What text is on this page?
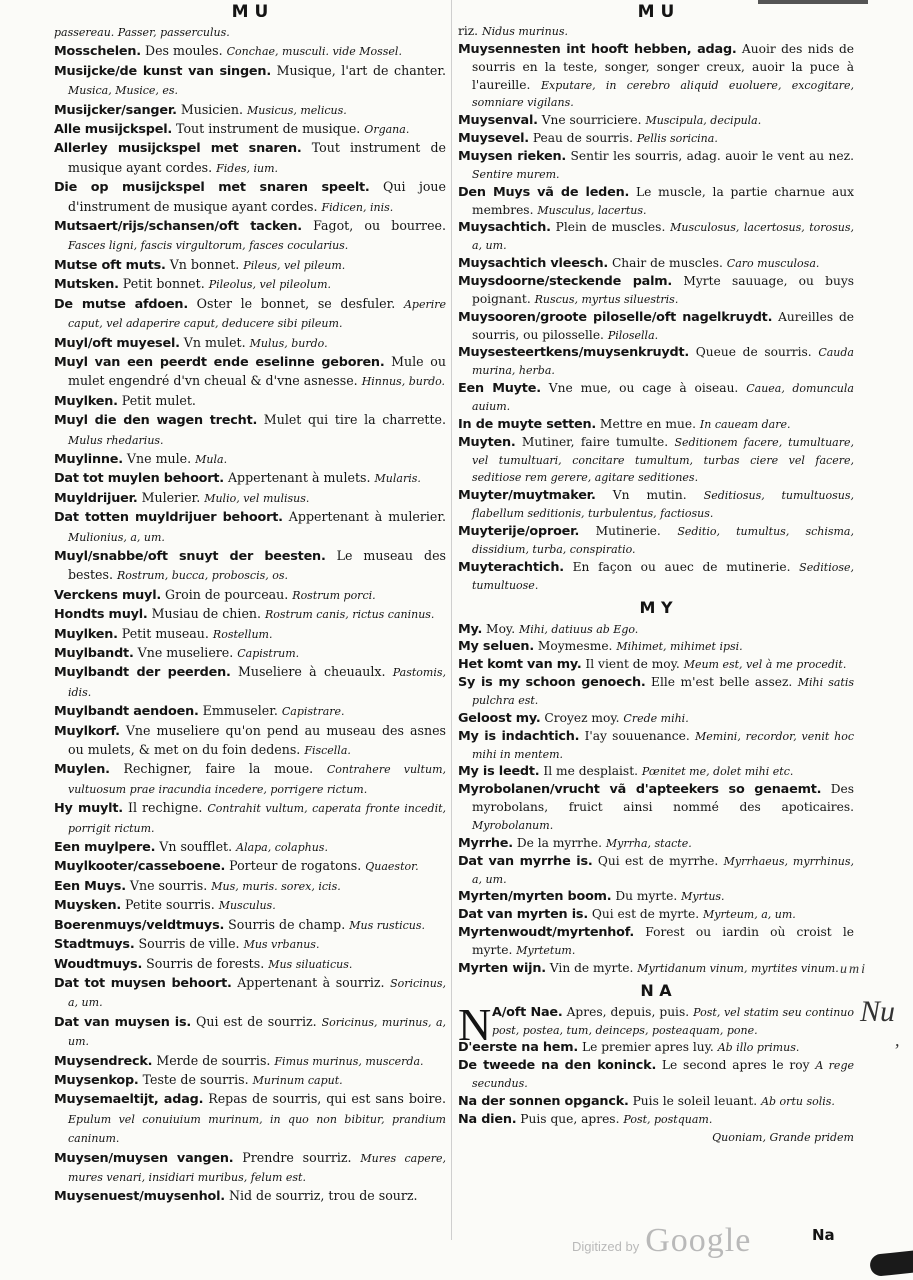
M U
passereau. Passer, passerculus.
Mosschelen. Des moules. Conchae, musculi. vide Mossel.
Musijcke/de kunst van singen. Musique, l'art de chanter. Musica, Musice, es.
Musijcker/sanger. Musicien. Musicus, melicus.
Alle musijckspel. Tout instrument de musique. Organa.
Allerley musijckspel met snaren. Tout instrument de musique ayant cordes. Fides, ium.
Die op musijckspel met snaren speelt. Qui joue d'instrument de musique ayant cordes. Fidicen, inis.
Mutsaert/rijs/schansen/oft tacken. Fagot, ou bourree. Fasces ligni, fascis virgultorum, fasces cocularius.
Mutse oft muts. Vn bonnet. Pileus, vel pileum.
Mutsken. Petit bonnet. Pileolus, vel pileolum.
De mutse afdoen. Oster le bonnet, se desfuler. Aperire caput, vel adaperire caput, deducere sibi pileum.
Muyl/oft muyesel. Vn mulet. Mulus, burdo.
Muyl van een peerdt ende eselinne geboren. Mule ou mulet engendré d'vn cheual & d'vne asnesse. Hinnus, burdo.
Muylken. Petit mulet.
Muyl die den wagen trecht. Mulet qui tire la charrette. Mulus rhedarius.
Muylinne. Vne mule. Mula.
Dat tot muylen behoort. Appertenant à mulets. Mularis.
Muyldrijuer. Mulerier. Mulio, vel mulisus.
Dat totten muyldrijuer behoort. Appertenant à mulerier. Mulionius, a, um.
Muyl/snabbe/oft snuyt der beesten. Le museau des bestes. Rostrum, bucca, proboscis, os.
Verckens muyl. Groin de pourceau. Rostrum porci.
Hondts muyl. Musiau de chien. Rostrum canis, rictus caninus.
Muylken. Petit museau. Rostellum.
Muylbandt. Vne museliere. Capistrum.
Muylbandt der peerden. Museliere à cheuaulx. Pastomis, idis.
Muylbandt aendoen. Emmuseler. Capistrare.
Muylkorf. Vne museliere qu'on pend au museau des asnes ou mulets, & met on du foin dedens. Fiscella.
Muylen. Rechigner, faire la moue. Contrahere vultum, vultuosum prae iracundia incedere, porrigere rictum.
Hy muylt. Il rechigne. Contrahit vultum, caperata fronte incedit, porrigit rictum.
Een muylpere. Vn soufflet. Alapa, colaphus.
Muylkooter/casseboene. Porteur de rogatons. Quaestor.
Een Muys. Vne sourris. Mus, muris. sorex, icis.
Muysken. Petite sourris. Musculus.
Boerenmuys/veldtmuys. Sourris de champ. Mus rusticus.
Stadtmuys. Sourris de ville. Mus vrbanus.
Woudtmuys. Sourris de forests. Mus siluaticus.
Dat tot muysen behoort. Appertenant à sourriz. Soricinus, a, um.
Dat van muysen is. Qui est de sourriz. Soricinus, murinus, a, um.
Muysendreck. Merde de sourris. Fimus murinus, muscerda.
Muysenkop. Teste de sourris. Murinum caput.
Muysemaeltijt, adag. Repas de sourris, qui est sans boire. Epulum vel conuiuium murinum, in quo non bibitur, prandium caninum.
Muysen/muysen vangen. Prendre sourriz. Mures capere, mures venari, insidiari muribus, felum est.
Muysenuest/muysenhol. Nid de sourriz, trou de sourz.
M U
riz. Nidus murinus.
Muysennesten int hooft hebben, adag. Auoir des nids de sourris en la teste, songer, songer creux, auoir la puce à l'aureille. Exputare, in cerebro aliquid euoluere, excogitare, somniare vigilans.
Muysenval. Vne sourriciere. Muscipula, decipula.
Muysevel. Peau de sourris. Pellis soricina.
Muysen rieken. Sentir les sourris, adag. auoir le vent au nez. Sentire murem.
Den Muys vã de leden. Le muscle, la partie charnue aux membres. Musculus, lacertus.
Muysachtich. Plein de muscles. Musculosus, lacertosus, torosus, a, um.
Muysachtich vleesch. Chair de muscles. Caro musculosa.
Muysdoorne/steckende palm. Myrte sauuage, ou buys poignant. Ruscus, myrtus siluestris.
Muysooren/groote piloselle/oft nagelkruydt. Aureilles de sourris, ou pilosselle. Pilosella.
Muysesteertkens/muysenkruydt. Queue de sourris. Cauda murina, herba.
Een Muyte. Vne mue, ou cage à oiseau. Cauea, domuncula auium.
In de muyte setten. Mettre en mue. In caueam dare.
Muyten. Mutiner, faire tumulte. Seditionem facere, tumultuare, vel tumultuari, concitare tumultum, turbas ciere vel facere, seditiose rem gerere, agitare seditiones.
Muyter/muytmaker. Vn mutin. Seditiosus, tumultuosus, flabellum seditionis, turbulentus, factiosus.
Muyterije/oproer. Mutinerie. Seditio, tumultus, schisma, dissidium, turba, conspiratio.
Muyterachtich. En façon ou auec de mutinerie. Seditiose, tumultuose.
M Y
My. Moy. Mihi, datiuus ab Ego.
My seluen. Moymesme. Mihimet, mihimet ipsi.
Het komt van my. Il vient de moy. Meum est, vel à me procedit.
Sy is my schoon genoech. Elle m'est belle assez. Mihi satis pulchra est.
Geloost my. Croyez moy. Crede mihi.
My is indachtich. I'ay souuenance. Memini, recordor, venit hoc mihi in mentem.
My is leedt. Il me desplaist. Pœnitet me, dolet mihi etc.
Myrobolanen/vrucht vã d'apteekers so genaemt. Des myrobolans, fruict ainsi nommé des apoticaires. Myrobolanum.
Myrrhe. De la myrrhe. Myrrha, stacte.
Dat van myrrhe is. Qui est de myrrhe. Myrrhaeus, myrrhinus, a, um.
Myrten/myrten boom. Du myrte. Myrtus.
Dat van myrten is. Qui est de myrte. Myrteum, a, um.
Myrtenwoudt/myrtenhof. Forest ou iardin où croist le myrte. Myrtetum.
Myrten wijn. Vin de myrte. Myrtidanum vinum, myrtites vinum.
N A
N A/oft Nae. Apres, depuis, puis. Post, vel statim seu continuo post, postea, tum, deinceps, posteaquam, pone.
D'eerste na hem. Le premier apres luy. Ab illo primus.
De tweede na den koninck. Le second apres le roy A rege secundus.
Na der sonnen opganck. Puis le soleil leuant. Ab ortu solis.
Na dien. Puis que, apres. Post, postquam.
Quoniam, Grande pridem
umi
Nu
,
Digitized by Google	Na
